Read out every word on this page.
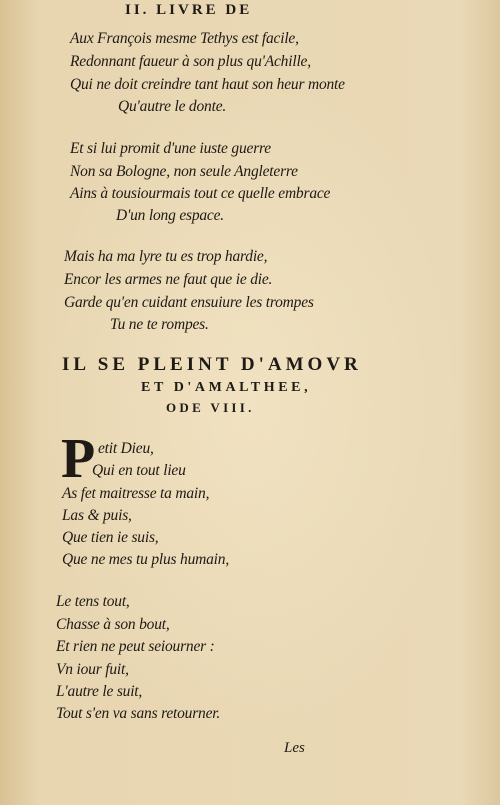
II. LIVRE DE
Aux François mesme Tethys est facile,
Redonnant faueur à son plus qu'Achille,
Qui ne doit creindre tant haut son heur monte
Qu'autre le donte.
Et si lui promit d'une iuste guerre
Non sa Bologne, non seule Angleterre
Ains à tousiourmais tout ce quelle embrace
D'un long espace.
Mais ha ma lyre tu es trop hardie,
Encor les armes ne faut que ie die.
Garde qu'en cuidant ensuiure les trompes
Tu ne te rompes.
IL SE PLEINT D'AMOVR
ET D'AMALTHEE,
ODE VIII.
P etit Dieu,
Qui en tout lieu
As fet maitresse ta main,
Las & puis,
Que tien ie suis,
Que ne mes tu plus humain,
Le tens tout,
Chasse à son bout,
Et rien ne peut seiourner :
Vn iour fuit,
L'autre le suit,
Tout s'en va sans retourner.
Les
